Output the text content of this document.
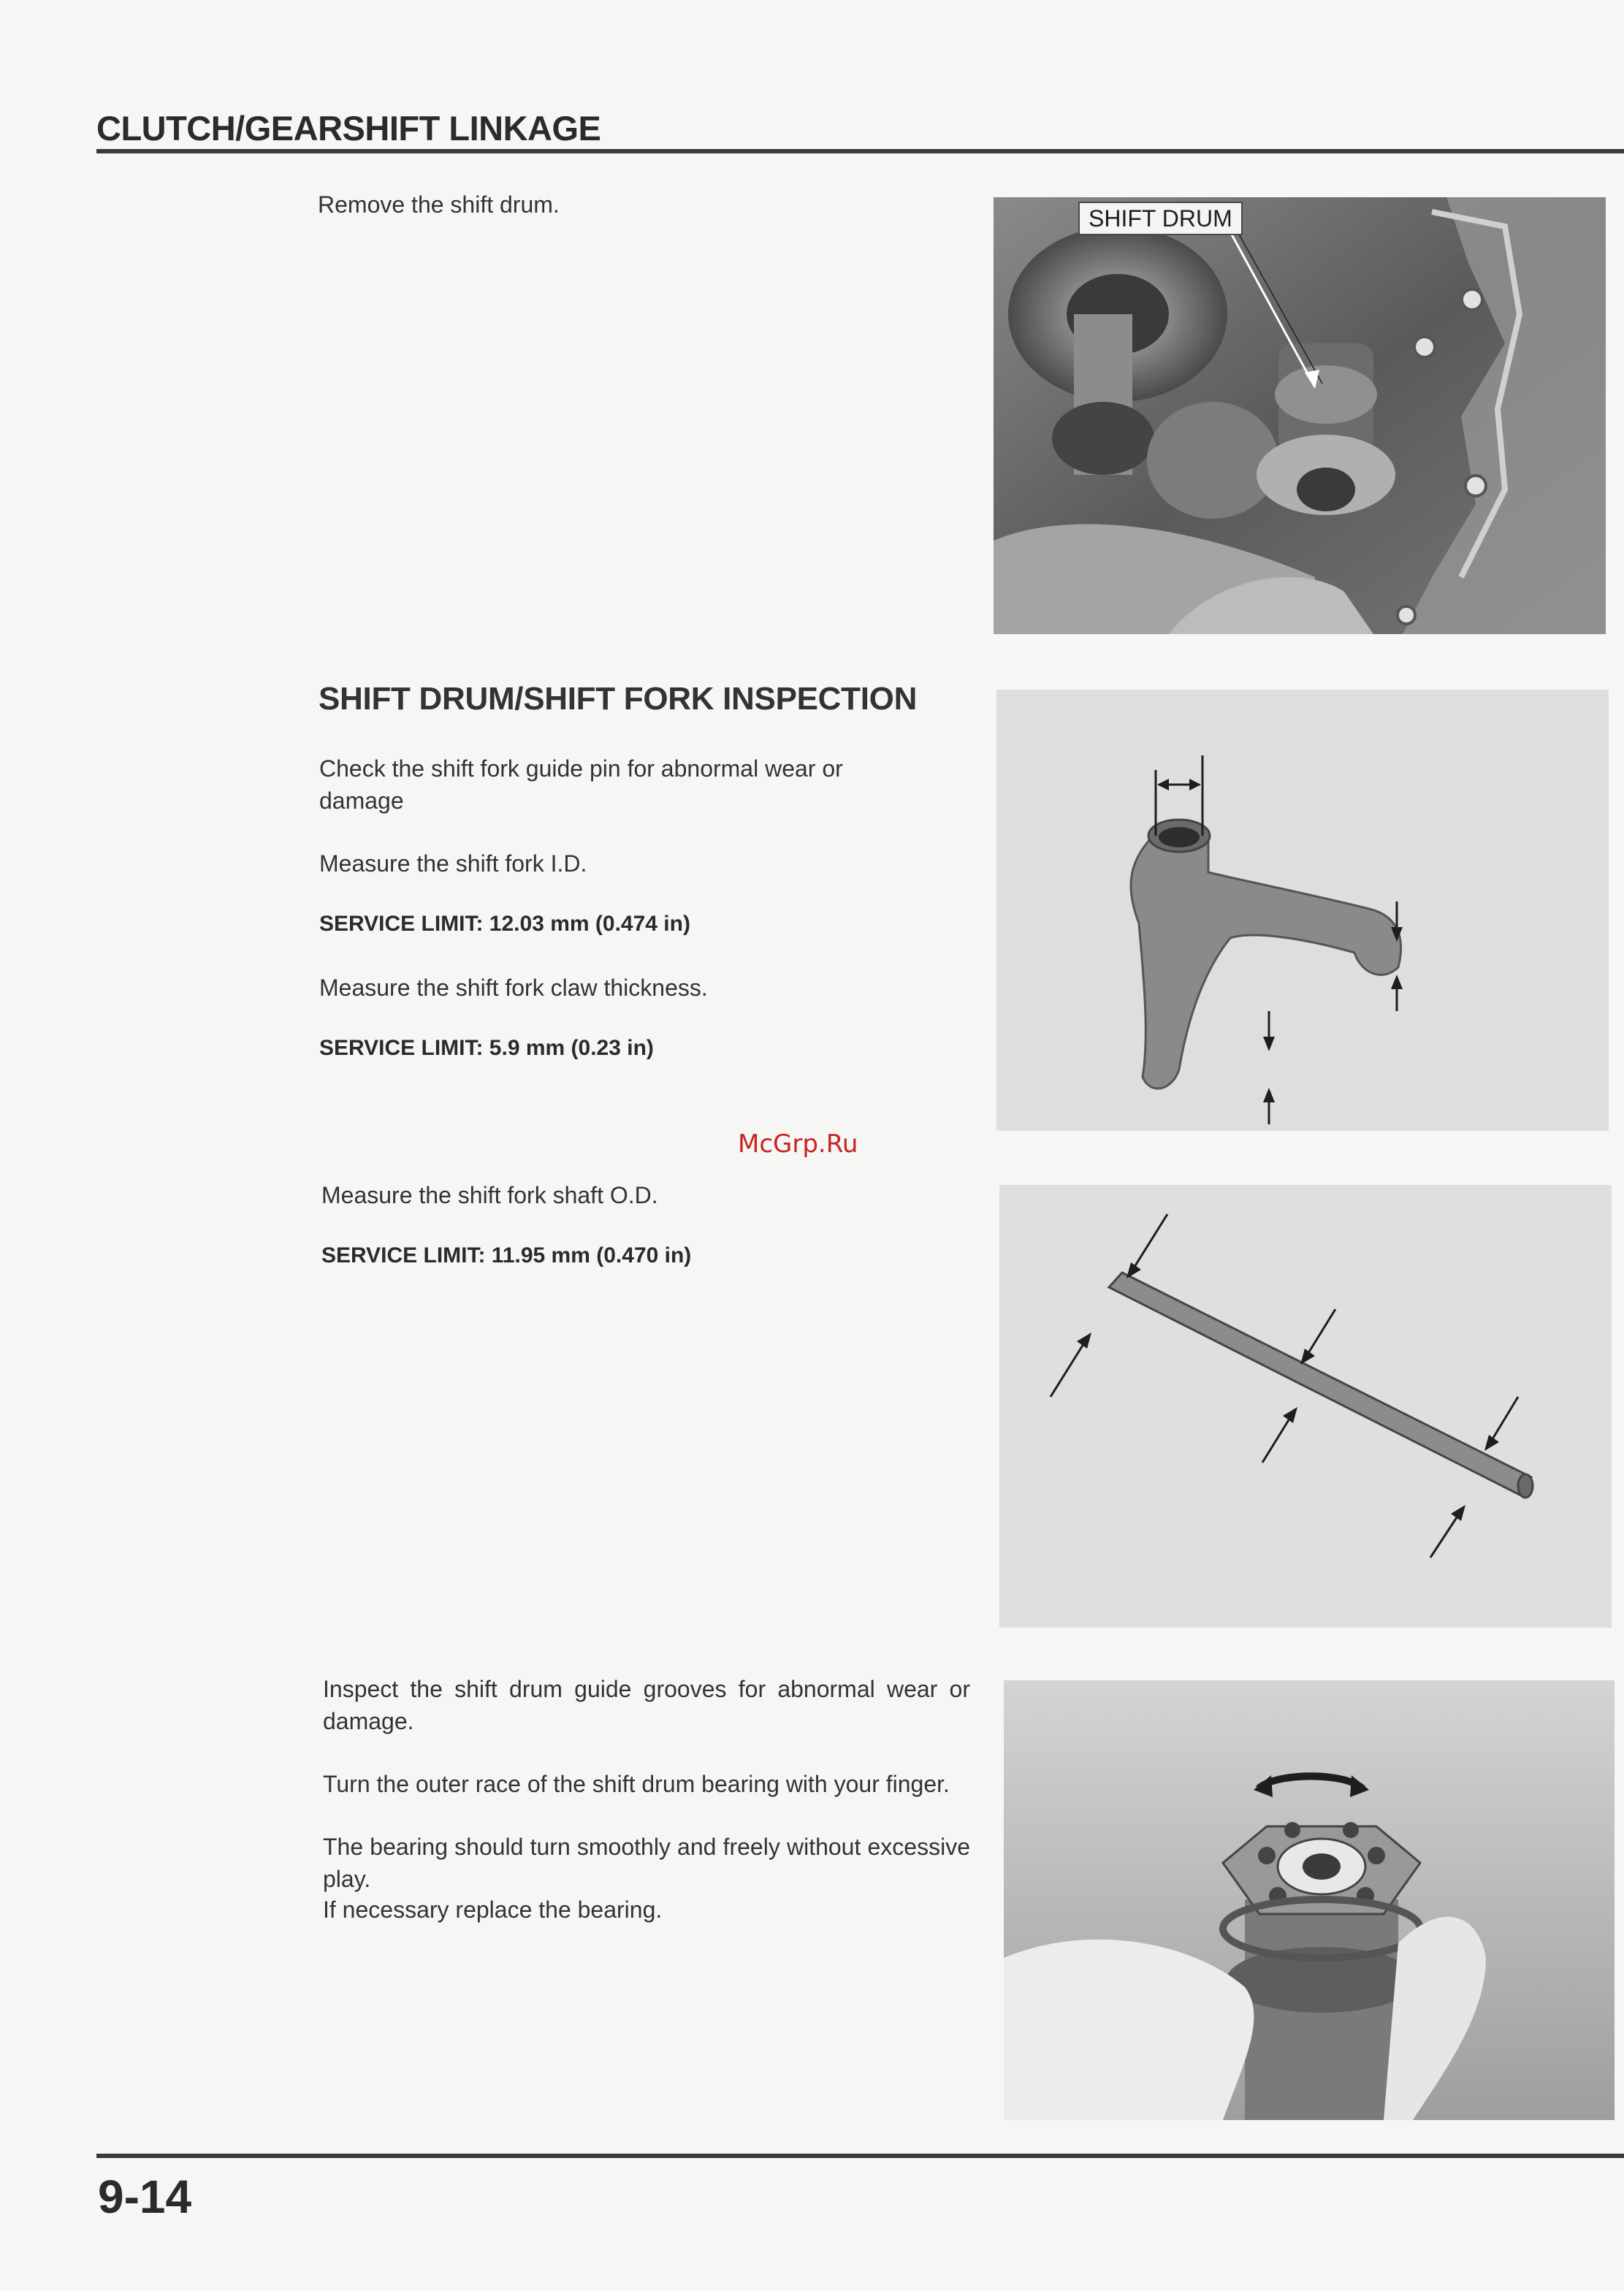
CLUTCH/GEARSHIFT LINKAGE
Remove the shift drum.
SHIFT DRUM
SHIFT DRUM/SHIFT FORK INSPECTION
Check the shift fork guide pin for abnormal wear or damage
Measure the shift fork I.D.
SERVICE LIMIT: 12.03 mm (0.474 in)
Measure the shift fork claw thickness.
SERVICE LIMIT: 5.9 mm (0.23 in)
McGrp.Ru
Measure the shift fork shaft O.D.
SERVICE LIMIT: 11.95 mm (0.470 in)
Inspect the shift drum guide grooves for abnormal wear or damage.
Turn the outer race of the shift drum bearing with your finger.
The bearing should turn smoothly and freely without excessive play.
If necessary replace the bearing.
9-14
